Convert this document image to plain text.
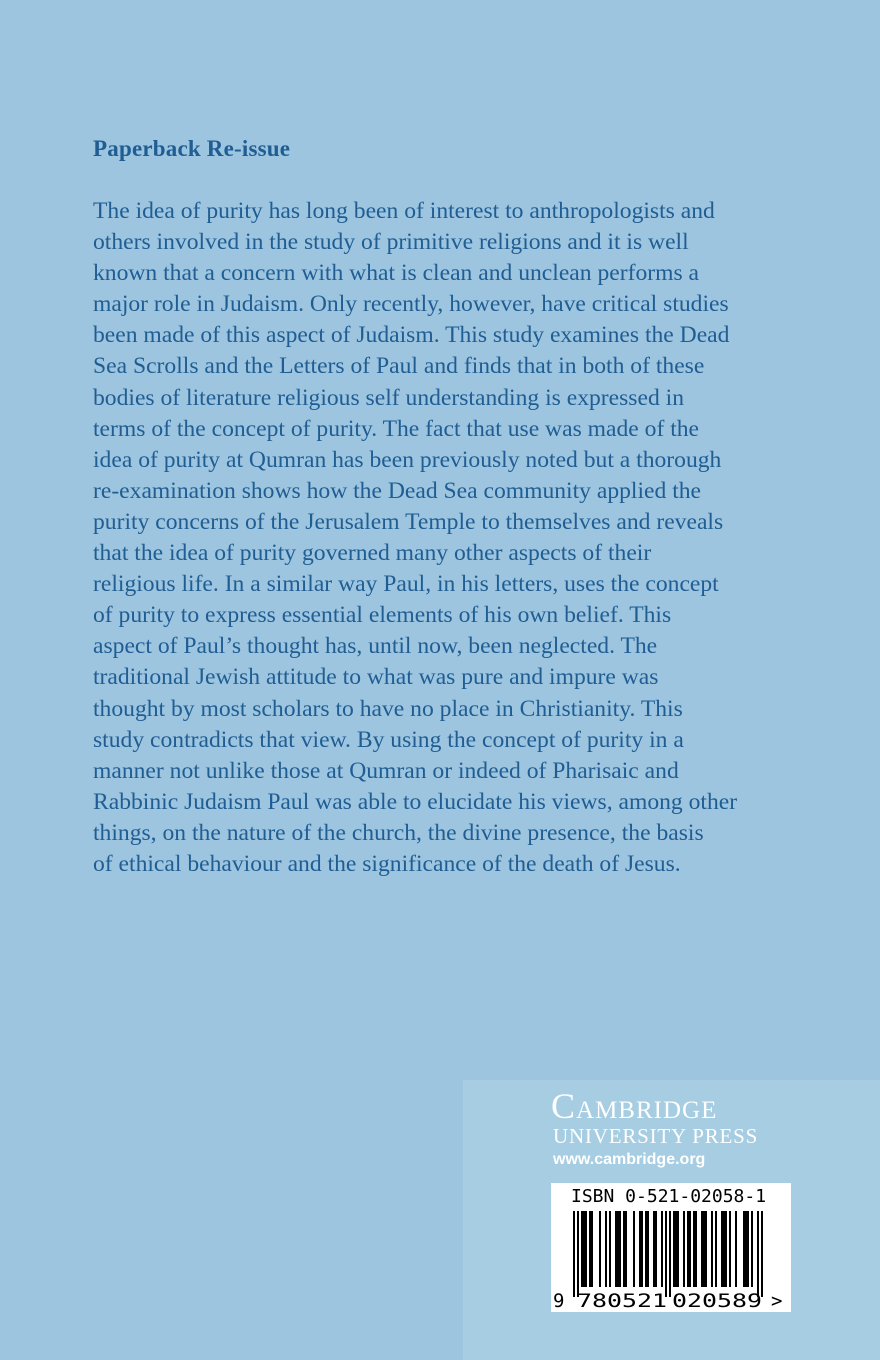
Paperback Re-issue

The idea of purity has long been of interest to anthropologists and
others involved in the study of primitive religions and it is well
known that a concern with what is clean and unclean performs a
major role in Judaism. Only recently, however, have critical studies
been made of this aspect of Judaism. This study examines the Dead
Sea Scrolls and the Letters of Paul and finds that in both of these
bodies of literature religious self understanding is expressed in
terms of the concept of purity. The fact that use was made of the
idea of purity at Qumran has been previously noted but a thorough
re-examination shows how the Dead Sea community applied the
purity concerns of the Jerusalem Temple to themselves and reveals
that the idea of purity governed many other aspects of their
religious life. In a similar way Paul, in his letters, uses the concept
of purity to express essential elements of his own belief. This
aspect of Paul’s thought has, until now, been neglected. The
traditional Jewish attitude to what was pure and impure was
thought by most scholars to have no place in Christianity. This
study contradicts that view. By using the concept of purity in a
manner not unlike those at Qumran or indeed of Pharisaic and
Rabbinic Judaism Paul was able to elucidate his views, among other
things, on the nature of the church, the divine presence, the basis
of ethical behaviour and the significance of the death of Jesus.

Cambridge
UNIVERSITY PRESS
www.cambridge.org
ISBN 0-521-02058-1
9 780521 020589 >
